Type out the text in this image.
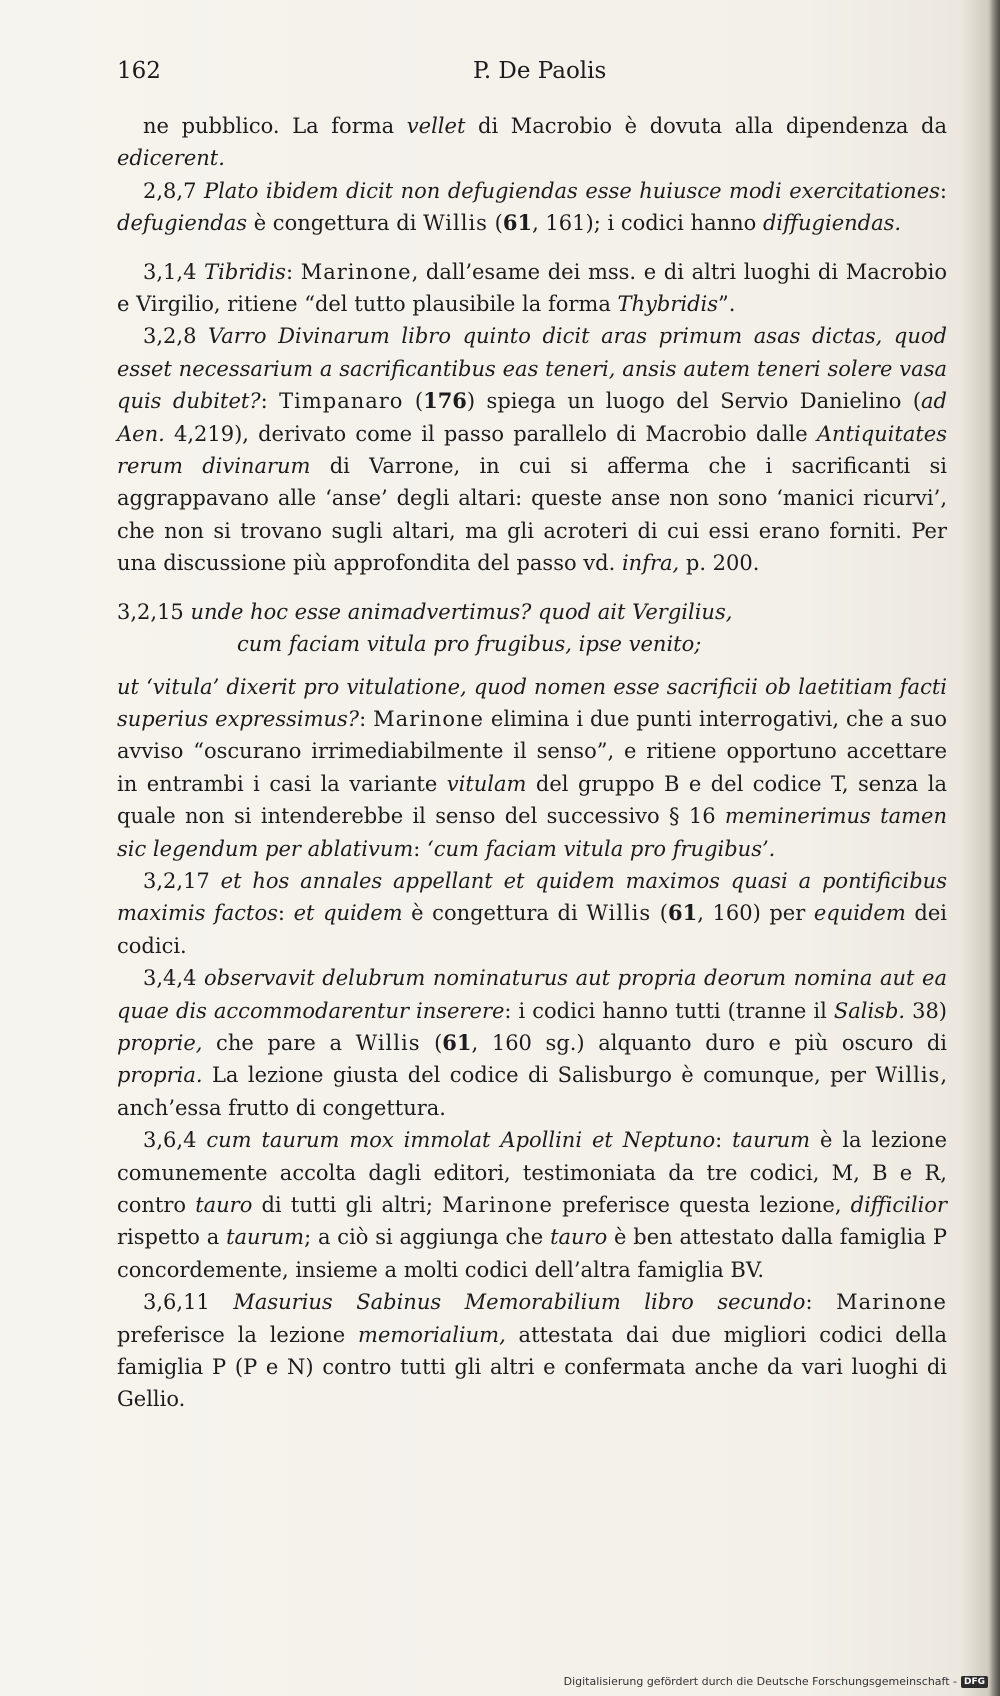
162	P. De Paolis

ne pubblico. La forma vellet di Macrobio è dovuta alla dipendenza da edicerent.

2,8,7 Plato ibidem dicit non defugiendas esse huiusce modi exercitationes: defugiendas è congettura di Willis (61, 161); i codici hanno diffugiendas.

3,1,4 Tibridis: Marinone, dall’esame dei mss. e di altri luoghi di Macrobio e Virgilio, ritiene “del tutto plausibile la forma Thybridis”.

3,2,8 Varro Divinarum libro quinto dicit aras primum asas dictas, quod esset necessarium a sacrificantibus eas teneri, ansis autem teneri solere vasa quis dubitet?: Timpanaro (176) spiega un luogo del Servio Danielino (ad Aen. 4,219), derivato come il passo parallelo di Macrobio dalle Antiquitates rerum divinarum di Varrone, in cui si afferma che i sacrificanti si aggrappavano alle ‘anse’ degli altari: queste anse non sono ‘manici ricurvi’, che non si trovano sugli altari, ma gli acroteri di cui essi erano forniti. Per una discussione più approfondita del passo vd. infra, p. 200.

3,2,15 unde hoc esse animadvertimus? quod ait Vergilius,
cum faciam vitula pro frugibus, ipse venito;

ut ‘vitula’ dixerit pro vitulatione, quod nomen esse sacrificii ob laetitiam facti superius expressimus?: Marinone elimina i due punti interrogativi, che a suo avviso “oscurano irrimediabilmente il senso”, e ritiene opportuno accettare in entrambi i casi la variante vitulam del gruppo B e del codice T, senza la quale non si intenderebbe il senso del successivo § 16 meminerimus tamen sic legendum per ablativum: ‘cum faciam vitula pro frugibus’.

3,2,17 et hos annales appellant et quidem maximos quasi a pontificibus maximis factos: et quidem è congettura di Willis (61, 160) per equidem dei codici.

3,4,4 observavit delubrum nominaturus aut propria deorum nomina aut ea quae dis accommodarentur inserere: i codici hanno tutti (tranne il Salisb. 38) proprie, che pare a Willis (61, 160 sg.) alquanto duro e più oscuro di propria. La lezione giusta del codice di Salisburgo è comunque, per Willis, anch’essa frutto di congettura.

3,6,4 cum taurum mox immolat Apollini et Neptuno: taurum è la lezione comunemente accolta dagli editori, testimoniata da tre codici, M, B e R, contro tauro di tutti gli altri; Marinone preferisce questa lezione, difficilior rispetto a taurum; a ciò si aggiunga che tauro è ben attestato dalla famiglia P concordemente, insieme a molti codici dell’altra famiglia BV.

3,6,11 Masurius Sabinus Memorabilium libro secundo: Marinone preferisce la lezione memorialium, attestata dai due migliori codici della famiglia P (P e N) contro tutti gli altri e confermata anche da vari luoghi di Gellio.

Digitalisierung gefördert durch die Deutsche Forschungsgemeinschaft - DFG
